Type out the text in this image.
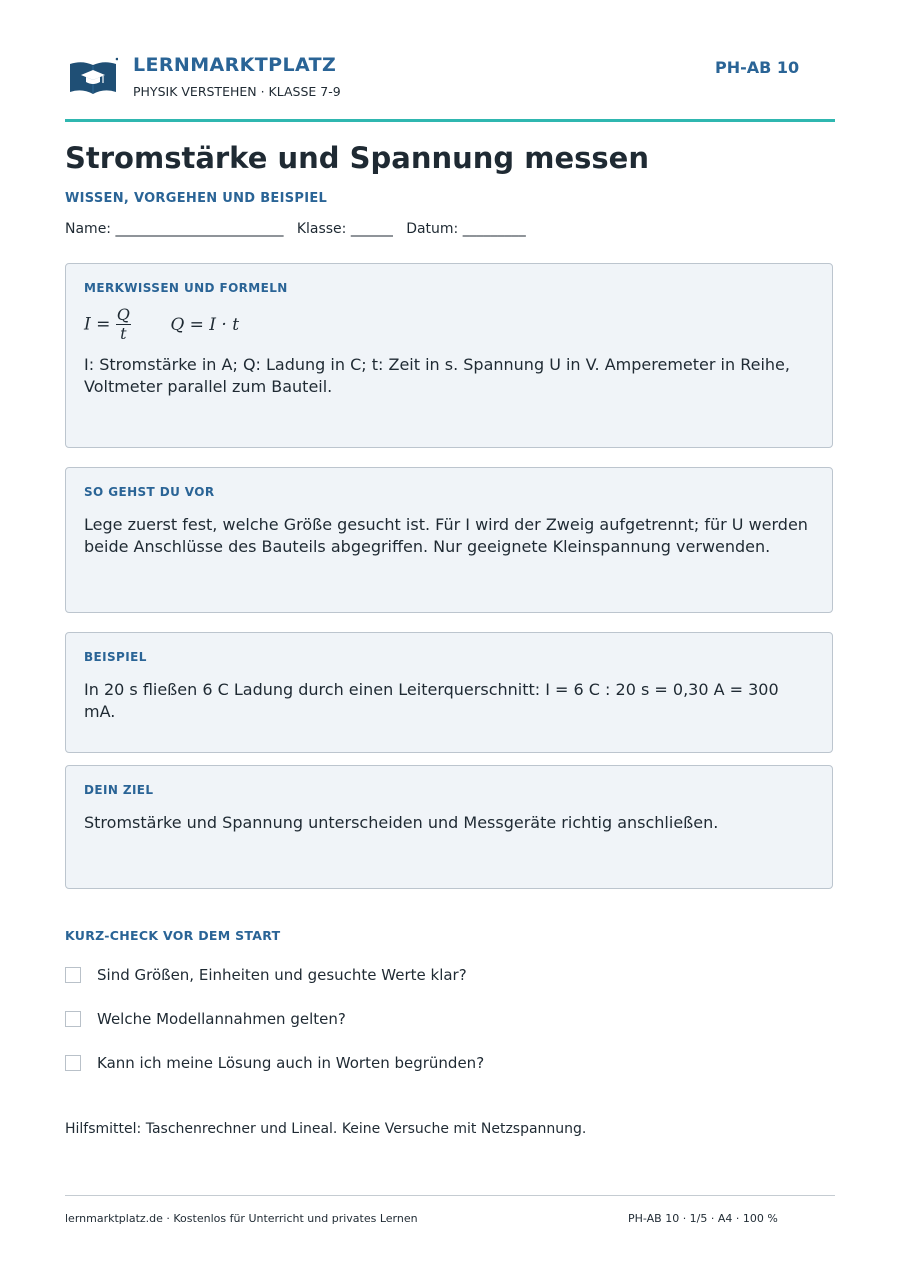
LERNMARKTPLATZ
PHYSIK VERSTEHEN · KLASSE 7-9
PH-AB 10
Stromstärke und Spannung messen
WISSEN, VORGEHEN UND BEISPIEL
Name: ________________________   Klasse: ______   Datum: _________
MERKWISSEN UND FORMELN
$I = \frac{Q}{t}$ Q = I · t
I: Stromstärke in A; Q: Ladung in C; t: Zeit in s. Spannung U in V. Amperemeter in Reihe, Voltmeter parallel zum Bauteil.
SO GEHST DU VOR
Lege zuerst fest, welche Größe gesucht ist. Für I wird der Zweig aufgetrennt; für U werden beide Anschlüsse des Bauteils abgegriffen. Nur geeignete Kleinspannung verwenden.
BEISPIEL
In 20 s fließen 6 C Ladung durch einen Leiterquerschnitt: I = 6 C : 20 s = 0,30 A = 300 mA.
DEIN ZIEL
Stromstärke und Spannung unterscheiden und Messgeräte richtig anschließen.
KURZ-CHECK VOR DEM START
Sind Größen, Einheiten und gesuchte Werte klar?
Welche Modellannahmen gelten?
Kann ich meine Lösung auch in Worten begründen?
Hilfsmittel: Taschenrechner und Lineal. Keine Versuche mit Netzspannung.
lernmarktplatz.de · Kostenlos für Unterricht und privates Lernen	PH-AB 10 · 1/5 · A4 · 100 %
